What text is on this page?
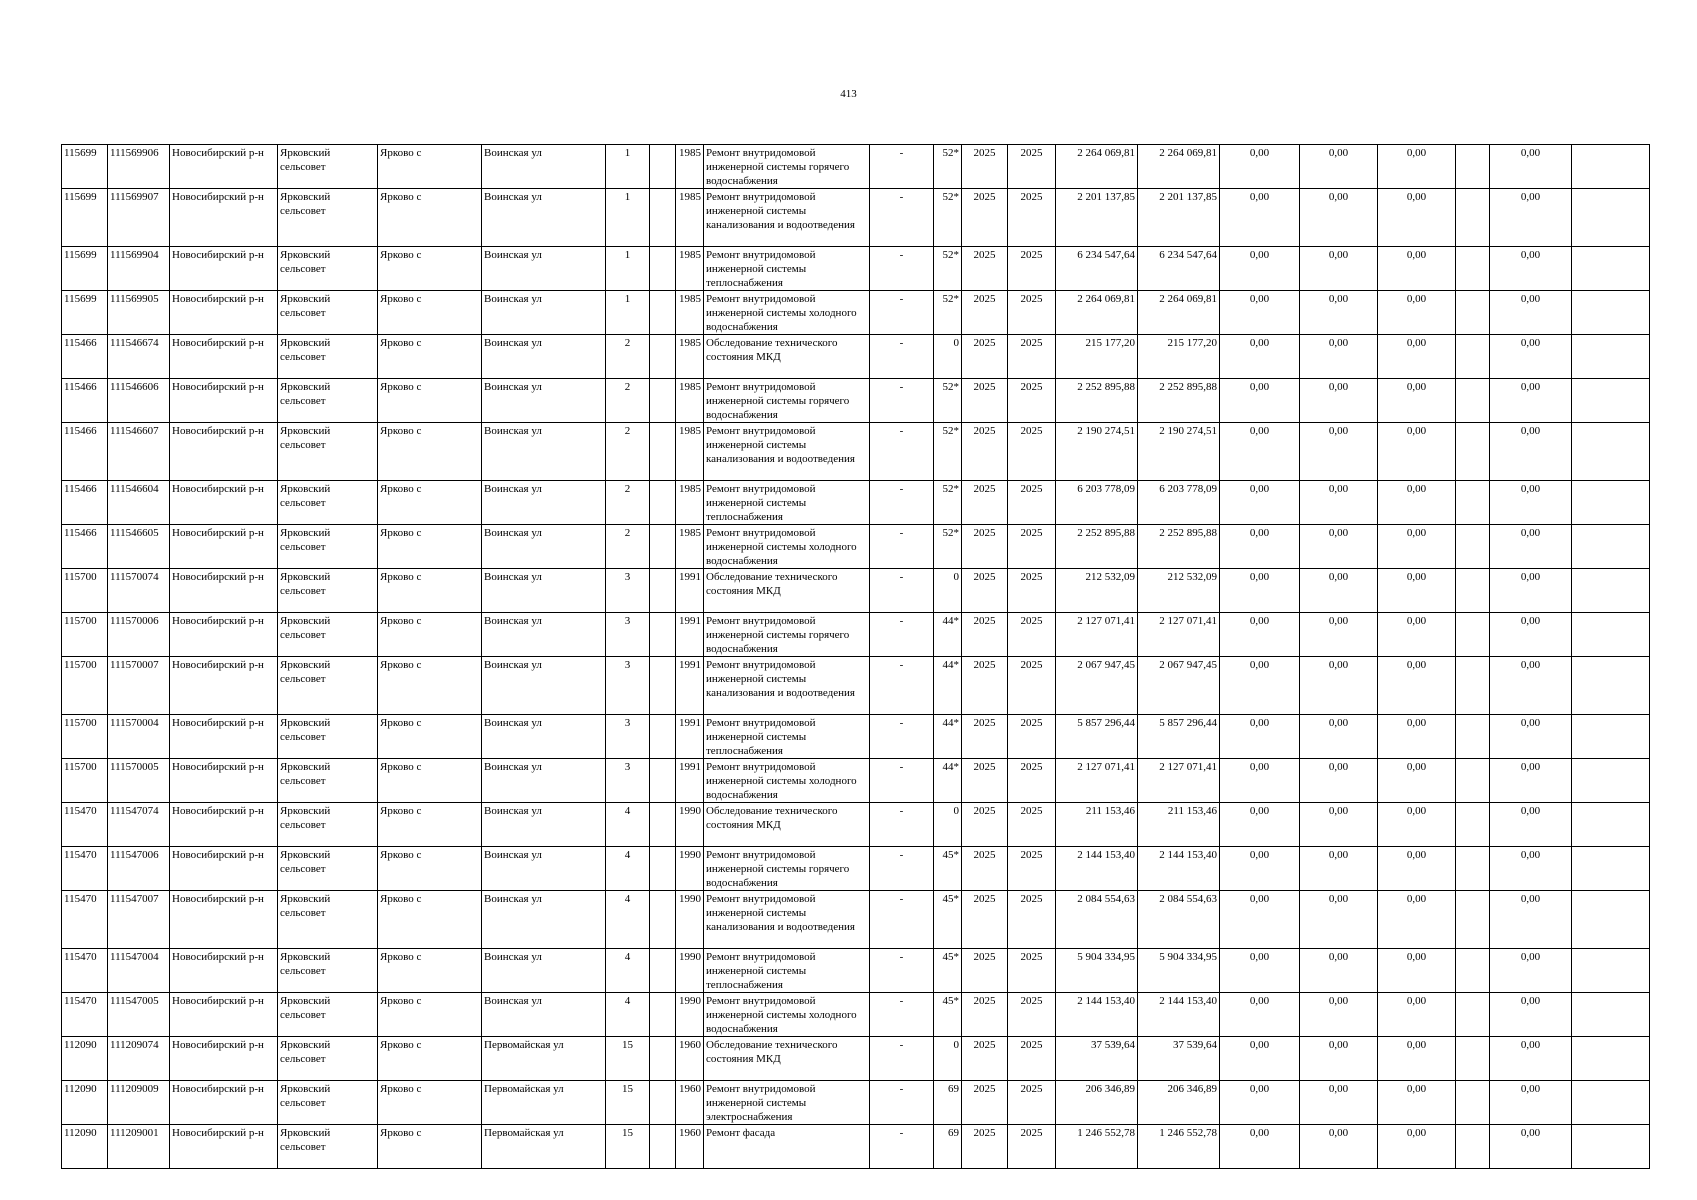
413
115699	111569906	Новосибирский р-н	Ярковский сельсовет	Ярково с	Воинская ул	1		1985	Ремонт внутридомовой инженерной системы горячего водоснабжения	-	52*	2025	2025	2 264 069,81	2 264 069,81	0,00	0,00	0,00		0,00	
115699	111569907	Новосибирский р-н	Ярковский сельсовет	Ярково с	Воинская ул	1		1985	Ремонт внутридомовой инженерной системы канализования и водоотведения	-	52*	2025	2025	2 201 137,85	2 201 137,85	0,00	0,00	0,00		0,00	
115699	111569904	Новосибирский р-н	Ярковский сельсовет	Ярково с	Воинская ул	1		1985	Ремонт внутридомовой инженерной системы теплоснабжения	-	52*	2025	2025	6 234 547,64	6 234 547,64	0,00	0,00	0,00		0,00	
115699	111569905	Новосибирский р-н	Ярковский сельсовет	Ярково с	Воинская ул	1		1985	Ремонт внутридомовой инженерной системы холодного водоснабжения	-	52*	2025	2025	2 264 069,81	2 264 069,81	0,00	0,00	0,00		0,00	
115466	111546674	Новосибирский р-н	Ярковский сельсовет	Ярково с	Воинская ул	2		1985	Обследование технического состояния МКД	-	0	2025	2025	215 177,20	215 177,20	0,00	0,00	0,00		0,00	
115466	111546606	Новосибирский р-н	Ярковский сельсовет	Ярково с	Воинская ул	2		1985	Ремонт внутридомовой инженерной системы горячего водоснабжения	-	52*	2025	2025	2 252 895,88	2 252 895,88	0,00	0,00	0,00		0,00	
115466	111546607	Новосибирский р-н	Ярковский сельсовет	Ярково с	Воинская ул	2		1985	Ремонт внутридомовой инженерной системы канализования и водоотведения	-	52*	2025	2025	2 190 274,51	2 190 274,51	0,00	0,00	0,00		0,00	
115466	111546604	Новосибирский р-н	Ярковский сельсовет	Ярково с	Воинская ул	2		1985	Ремонт внутридомовой инженерной системы теплоснабжения	-	52*	2025	2025	6 203 778,09	6 203 778,09	0,00	0,00	0,00		0,00	
115466	111546605	Новосибирский р-н	Ярковский сельсовет	Ярково с	Воинская ул	2		1985	Ремонт внутридомовой инженерной системы холодного водоснабжения	-	52*	2025	2025	2 252 895,88	2 252 895,88	0,00	0,00	0,00		0,00	
115700	111570074	Новосибирский р-н	Ярковский сельсовет	Ярково с	Воинская ул	3		1991	Обследование технического состояния МКД	-	0	2025	2025	212 532,09	212 532,09	0,00	0,00	0,00		0,00	
115700	111570006	Новосибирский р-н	Ярковский сельсовет	Ярково с	Воинская ул	3		1991	Ремонт внутридомовой инженерной системы горячего водоснабжения	-	44*	2025	2025	2 127 071,41	2 127 071,41	0,00	0,00	0,00		0,00	
115700	111570007	Новосибирский р-н	Ярковский сельсовет	Ярково с	Воинская ул	3		1991	Ремонт внутридомовой инженерной системы канализования и водоотведения	-	44*	2025	2025	2 067 947,45	2 067 947,45	0,00	0,00	0,00		0,00	
115700	111570004	Новосибирский р-н	Ярковский сельсовет	Ярково с	Воинская ул	3		1991	Ремонт внутридомовой инженерной системы теплоснабжения	-	44*	2025	2025	5 857 296,44	5 857 296,44	0,00	0,00	0,00		0,00	
115700	111570005	Новосибирский р-н	Ярковский сельсовет	Ярково с	Воинская ул	3		1991	Ремонт внутридомовой инженерной системы холодного водоснабжения	-	44*	2025	2025	2 127 071,41	2 127 071,41	0,00	0,00	0,00		0,00	
115470	111547074	Новосибирский р-н	Ярковский сельсовет	Ярково с	Воинская ул	4		1990	Обследование технического состояния МКД	-	0	2025	2025	211 153,46	211 153,46	0,00	0,00	0,00		0,00	
115470	111547006	Новосибирский р-н	Ярковский сельсовет	Ярково с	Воинская ул	4		1990	Ремонт внутридомовой инженерной системы горячего водоснабжения	-	45*	2025	2025	2 144 153,40	2 144 153,40	0,00	0,00	0,00		0,00	
115470	111547007	Новосибирский р-н	Ярковский сельсовет	Ярково с	Воинская ул	4		1990	Ремонт внутридомовой инженерной системы канализования и водоотведения	-	45*	2025	2025	2 084 554,63	2 084 554,63	0,00	0,00	0,00		0,00	
115470	111547004	Новосибирский р-н	Ярковский сельсовет	Ярково с	Воинская ул	4		1990	Ремонт внутридомовой инженерной системы теплоснабжения	-	45*	2025	2025	5 904 334,95	5 904 334,95	0,00	0,00	0,00		0,00	
115470	111547005	Новосибирский р-н	Ярковский сельсовет	Ярково с	Воинская ул	4		1990	Ремонт внутридомовой инженерной системы холодного водоснабжения	-	45*	2025	2025	2 144 153,40	2 144 153,40	0,00	0,00	0,00		0,00	
112090	111209074	Новосибирский р-н	Ярковский сельсовет	Ярково с	Первомайская ул	15		1960	Обследование технического состояния МКД	-	0	2025	2025	37 539,64	37 539,64	0,00	0,00	0,00		0,00	
112090	111209009	Новосибирский р-н	Ярковский сельсовет	Ярково с	Первомайская ул	15		1960	Ремонт внутридомовой инженерной системы электроснабжения	-	69	2025	2025	206 346,89	206 346,89	0,00	0,00	0,00		0,00	
112090	111209001	Новосибирский р-н	Ярковский сельсовет	Ярково с	Первомайская ул	15		1960	Ремонт фасада	-	69	2025	2025	1 246 552,78	1 246 552,78	0,00	0,00	0,00		0,00	
